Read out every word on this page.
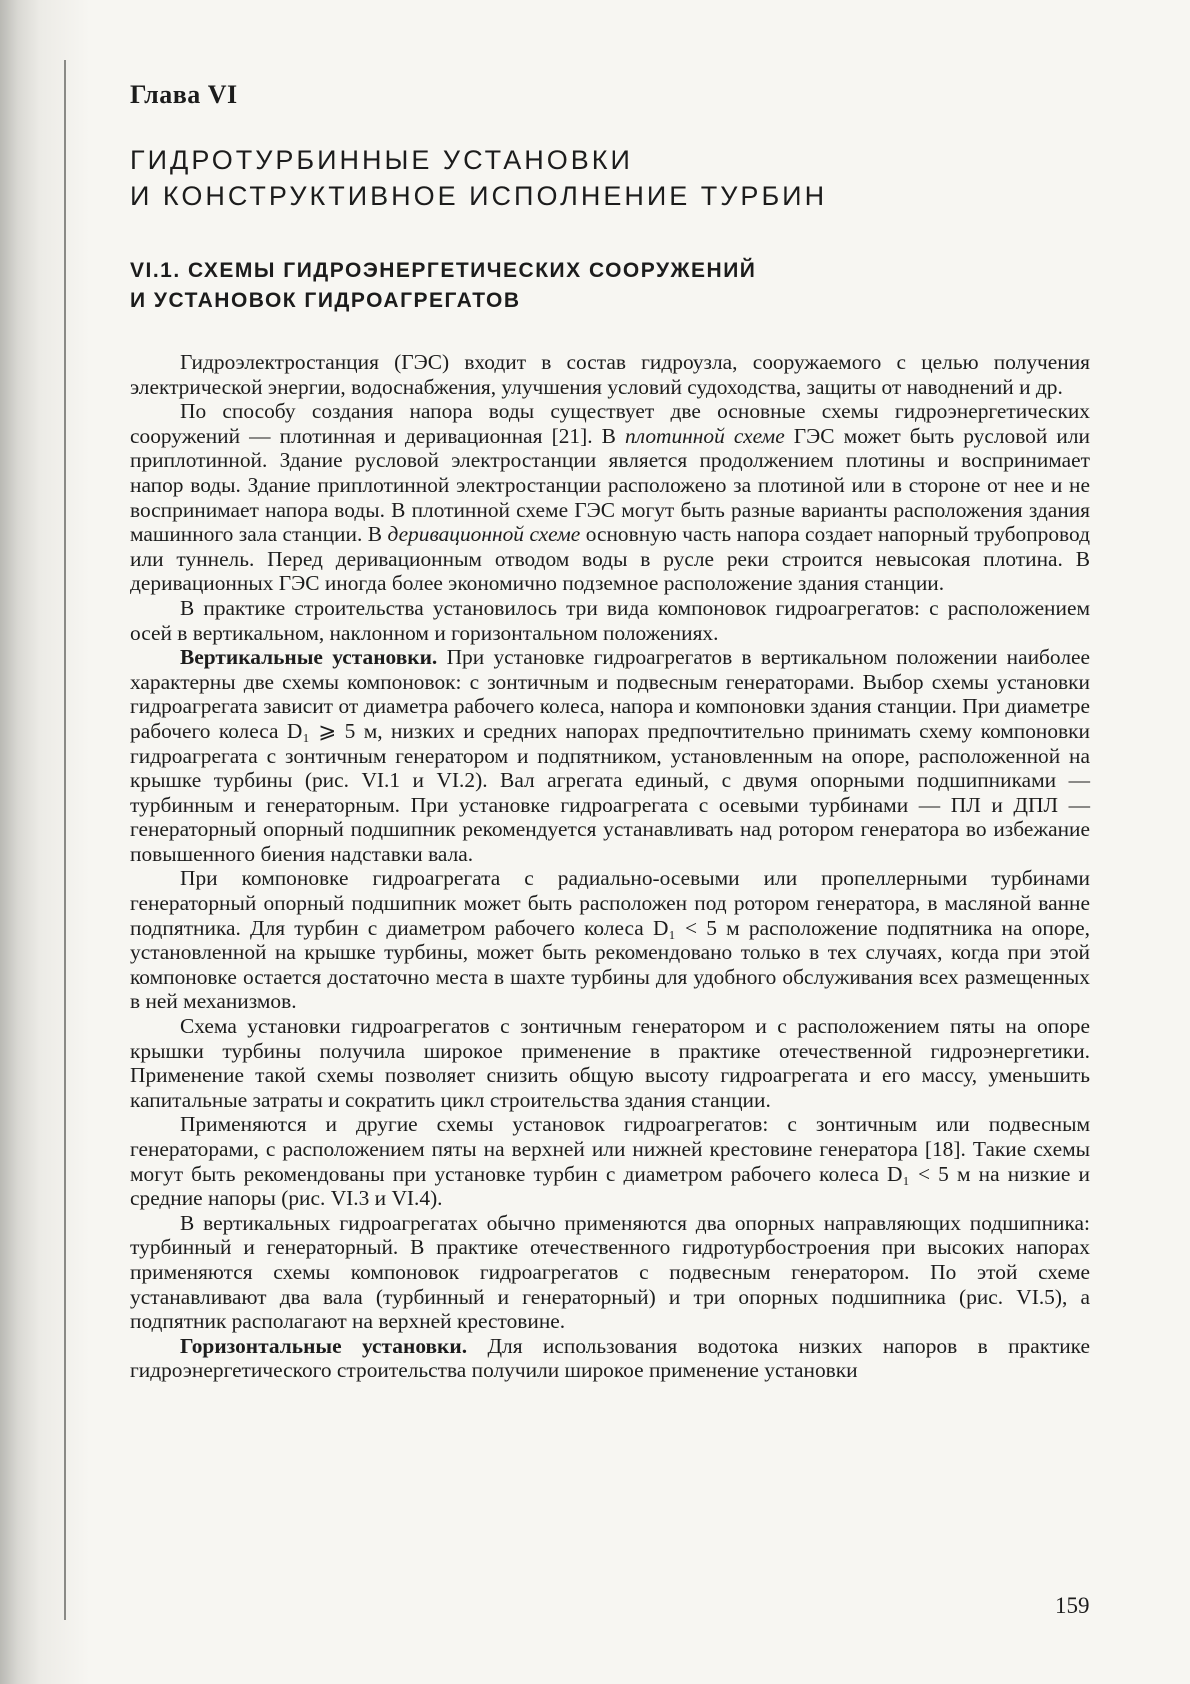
Глава VI
ГИДРОТУРБИННЫЕ УСТАНОВКИ
И КОНСТРУКТИВНОЕ ИСПОЛНЕНИЕ ТУРБИН
VI.1. СХЕМЫ ГИДРОЭНЕРГЕТИЧЕСКИХ СООРУЖЕНИЙ
И УСТАНОВОК ГИДРОАГРЕГАТОВ

Гидроэлектростанция (ГЭС) входит в состав гидроузла, сооружаемого с целью получения электрической энергии, водоснабжения, улучшения условий судоходства, защиты от наводнений и др.

По способу создания напора воды существует две основные схемы гидроэнергетических сооружений — плотинная и деривационная [21]. В плотинной схеме ГЭС может быть русловой или приплотинной. Здание русловой электростанции является продолжением плотины и воспринимает напор воды. Здание приплотинной электростанции расположено за плотиной или в стороне от нее и не воспринимает напора воды. В плотинной схеме ГЭС могут быть разные варианты расположения здания машинного зала станции. В деривационной схеме основную часть напора создает напорный трубопровод или туннель. Перед деривационным отводом воды в русле реки строится невысокая плотина. В деривационных ГЭС иногда более экономично подземное расположение здания станции.

В практике строительства установилось три вида компоновок гидроагрегатов: с расположением осей в вертикальном, наклонном и горизонтальном положениях.

Вертикальные установки. При установке гидроагрегатов в вертикальном положении наиболее характерны две схемы компоновок: с зонтичным и подвесным генераторами. Выбор схемы установки гидроагрегата зависит от диаметра рабочего колеса, напора и компоновки здания станции. При диаметре рабочего колеса D₁ ⩾ 5 м, низких и средних напорах предпочтительно принимать схему компоновки гидроагрегата с зонтичным генератором и подпятником, установленным на опоре, расположенной на крышке турбины (рис. VI.1 и VI.2). Вал агрегата единый, с двумя опорными подшипниками — турбинным и генераторным. При установке гидроагрегата с осевыми турбинами — ПЛ и ДПЛ — генераторный опорный подшипник рекомендуется устанавливать над ротором генератора во избежание повышенного биения надставки вала.

При компоновке гидроагрегата с радиально-осевыми или пропеллерными турбинами генераторный опорный подшипник может быть расположен под ротором генератора, в масляной ванне подпятника. Для турбин с диаметром рабочего колеса D₁ < 5 м расположение подпятника на опоре, установленной на крышке турбины, может быть рекомендовано только в тех случаях, когда при этой компоновке остается достаточно места в шахте турбины для удобного обслуживания всех размещенных в ней механизмов.

Схема установки гидроагрегатов с зонтичным генератором и с расположением пяты на опоре крышки турбины получила широкое применение в практике отечественной гидроэнергетики. Применение такой схемы позволяет снизить общую высоту гидроагрегата и его массу, уменьшить капитальные затраты и сократить цикл строительства здания станции.

Применяются и другие схемы установок гидроагрегатов: с зонтичным или подвесным генераторами, с расположением пяты на верхней или нижней крестовине генератора [18]. Такие схемы могут быть рекомендованы при установке турбин с диаметром рабочего колеса D₁ < 5 м на низкие и средние напоры (рис. VI.3 и VI.4).

В вертикальных гидроагрегатах обычно применяются два опорных направляющих подшипника: турбинный и генераторный. В практике отечественного гидротурбостроения при высоких напорах применяются схемы компоновок гидроагрегатов с подвесным генератором. По этой схеме устанавливают два вала (турбинный и генераторный) и три опорных подшипника (рис. VI.5), а подпятник располагают на верхней крестовине.

Горизонтальные установки. Для использования водотока низких напоров в практике гидроэнергетического строительства получили широкое применение установки

159
